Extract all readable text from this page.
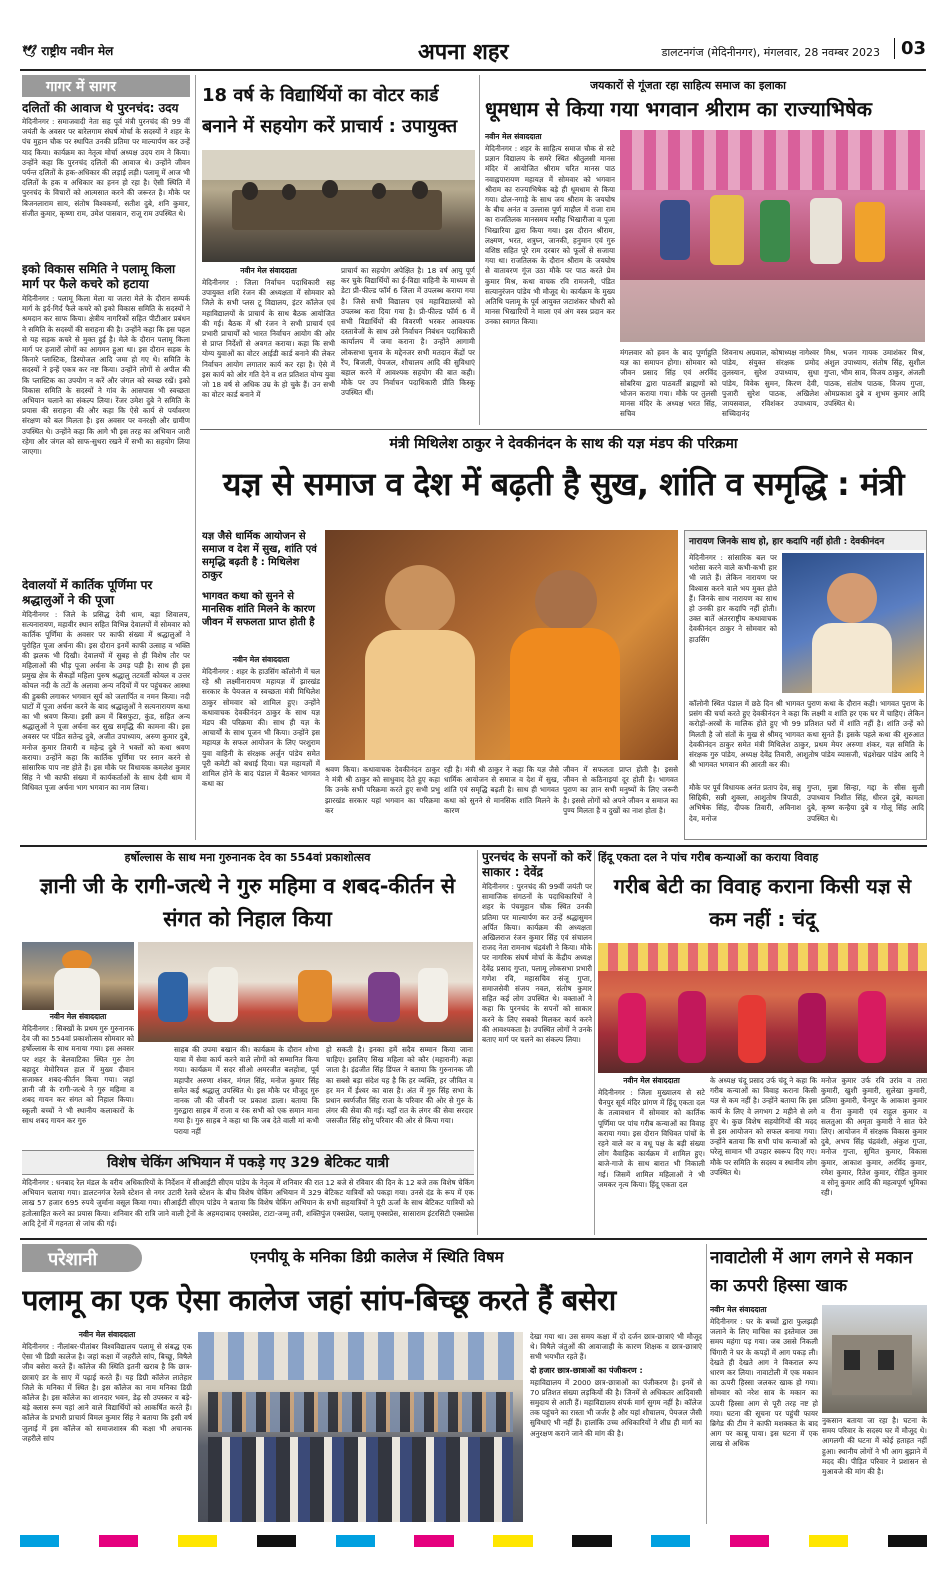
🕊 राष्ट्रीय नवीन मेल	अपना शहर	डालटनगंज (मेदिनीनगर), मंगलवार, 28 नवम्बर 2023	03
गागर में सागर
दलितों की आवाज थे पुरनचंद: उदय
मेदिनीनगर : समाजवादी नेता सह पूर्व मंत्री पुरनचंद की 99 वीं जयंती के अवसर पर बारेलगाम संघर्ष मोर्चा के सदस्यों ने शहर के पंच मुहान चौक पर स्थापित उनकी प्रतिमा पर माल्यार्पण कर उन्हें याद किया। कार्यक्रम का नेतृत्व मोर्चा अध्यक्ष उदय राम ने किया। उन्होंने कहा कि पुरनचंद दलितों की आवाज थे। उन्होंने जीवन पर्यन्त दलितों के हक-अधिकार की लड़ाई लड़ी। पलामू में आज भी दलितों के हक व अधिकार का हनन हो रहा है। ऐसी स्थिति में पुरनचंद के विचारों को आत्मसात करने की जरूरत है। मौके पर बिजनलाराम साय, संतोष विश्वकर्मा, सतीश दुबे, शनि कुमार, संजीत कुमार, कृष्णा राम, उमेश पासवान, राजू राम उपस्थित थे।
इको विकास समिति ने पलामू किला मार्ग पर फैले कचरे को हटाया
मेदिनीनगर : पलामू किला मेला या जतरा मेले के दौरान सम्पर्क मार्ग के इर्द-गिर्द फैले कचरे को इको विकास समिति के सदस्यों ने श्रमदान कर साफ किया। क्षेत्रीय नागरिकों सहित पीटीआर प्रबंधन ने समिति के सदस्यों की सराहना की है। उन्होंने कहा कि इस पहल से यह सड़क कचरे से मुक्त हुई है। मेले के दौरान पलामू किला मार्ग पर हजारों लोगों का आगमन हुआ था। इस दौरान सड़क के किनारे प्लास्टिक, डिस्पोजल आदि जमा हो गए थे। समिति के सदस्यों ने इन्हें एकत्र कर नष्ट किया। उन्होंने लोगों से अपील की कि प्लास्टिक का उपयोग न करें और जंगल को स्वच्छ रखें। इको विकास समिति के सदस्यों ने गांव के आसपास भी स्वच्छता अभियान चलाने का संकल्प लिया। रेंजर उमेश दुबे ने समिति के प्रयास की सराहना की और कहा कि ऐसे कार्य से पर्यावरण संरक्षण को बल मिलता है। इस अवसर पर वनरक्षी और ग्रामीण उपस्थित थे। उन्होंने कहा कि आगे भी इस तरह का अभियान जारी रहेगा और जंगल को साफ-सुथरा रखने में सभी का सहयोग लिया जाएगा।
देवालयों में कार्तिक पूर्णिमा पर श्रद्धालुओं ने की पूजा
मेदिनीनगर : जिले के प्रसिद्ध देवी धाम, बड़ा शिवालय, सत्यनारायण, महावीर स्थान सहित विभिन्न देवालयों में सोमवार को कार्तिक पूर्णिमा के अवसर पर काफी संख्या में श्रद्धालुओं ने पुरोहित पूजा अर्चना की। इस दौरान इनमें काफी उत्साह व भक्ति की झलक भी दिखी। देवालयों में सुबह से ही विशेष तौर पर महिलाओं की भीड़ पूजा अर्चना के उमड़ पड़ी है। साथ ही इस प्रमुख क्षेत्र के सैकड़ों महिला पुरुष श्रद्धालु तटवर्ती कोयल व उत्तर कोयल नदी के तटों के अलावा अन्य नदियों में पर पहुंचकर आस्था की डुबकी लगाकर भगवान सूर्य को जलार्पित व नमन किया। नदी घाटों में पूजा अर्चना करने के बाद श्रद्धालुओं ने सत्यनारायण कथा का भी श्रवण किया। इसी क्रम में बिसफुटा, कुंड, सहित अन्य श्रद्धालुओं ने पूजा अर्चना कर सुख समृद्धि की कामना की। इस अवसर पर पंडित सतेन्द्र दुबे, अजीत उपाध्याय, अरुण कुमार दुबे, मनोज कुमार तिवारी व महेन्द्र दुबे ने भक्तों को कथा श्रवण कराया। उन्होंने कहा कि कार्तिक पूर्णिमा पर स्नान करने से सांसारिक पाप नष्ट होते हैं। इस मौके पर विधायक कमलेश कुमार सिंह ने भी काफी संख्या में कार्यकर्ताओं के साथ देवी धाम में विधिवत पूजा अर्चना भाग भगवान का नाम लिया।
18 वर्ष के विद्यार्थियों का वोटर कार्ड बनाने में सहयोग करें प्राचार्य : उपायुक्त
नवीन मेल संवाददाता
मेदिनीनगर : जिला निर्वाचन पदाधिकारी सह उपायुक्त शशि रंजन की अध्यक्षता में सोमवार को जिले के सभी प्लस टू विद्यालय, इंटर कॉलेज एवं महाविद्यालयों के प्राचार्य के साथ बैठक आयोजित की गई। बैठक में श्री रंजन ने सभी प्राचार्य एवं प्रभारी प्राचार्यों को भारत निर्वाचन आयोग की ओर से प्राप्त निर्देशों से अवगत कराया। कहा कि सभी योग्य युवाओं का वोटर आईडी कार्ड बनाने की लेकर निर्वाचन आयोग लगातार कार्य कर रहा है। ऐसे में इस कार्य को ओर गति देने व शत प्रतिशत योग्य युवा जो 18 वर्ष से अधिक उम्र के हो चुके हैं। उन सभी का वोटर कार्ड बनाने में
प्राचार्य का सहयोग अपेक्षित है। 18 वर्ष आयु पूर्ण कर चुके विद्यार्थियों का ई-विद्या वाहिनी के माध्यम से डेटा प्री-फील्ड फॉर्म 6 जिला में उपलब्ध कराया गया है। जिसे सभी विद्यालय एवं महाविद्यालयों को उपलब्ध करा दिया गया है। प्री-फील्ड फॉर्म 6 में सभी विद्यार्थियों की विवरणी भरकर आवश्यक दस्तावेजों के साथ उसे निर्वाचन निबंधन पदाधिकारी कार्यालय में जमा कराना है। उन्होंने आगामी लोकसभा चुनाव के मद्देनजर सभी मतदान केंद्रों पर रैंप, बिजली, पेयजल, शौचालय आदि की सुविधाएं बहाल करने में आवश्यक सहयोग की बात कही। मौके पर उप निर्वाचन पदाधिकारी प्रीति किस्कू उपस्थित थीं।
जयकारों से गूंजता रहा साहित्य समाज का इलाका
धूमधाम से किया गया भगवान श्रीराम का राज्याभिषेक
नवीन मेल संवाददाता
मेदिनीनगर : शहर के साहित्य समाज चौक से सटे प्रज्ञान विद्यालय के समरे स्थित श्रीतुलसी मानस मंदिर में आयोजित श्रीराम चरित मानस पाठ नवाह्नपारायण महायज्ञ में सोमवार को भगवान श्रीराम का राज्याभिषेक बड़े ही धूमधाम से किया गया। ढोल-नगाड़े के साथ जय श्रीराम के जयघोष के बीच अनंत व उल्लास पूर्ण माहौल में राजा राम का राजतिलक मानसमय मसीह भिखारीजा व पूजा भिखारिया द्वारा किया गया। इस दौरान श्रीराम, लक्ष्मण, भरत, शत्रुघ्न, जानकी, हनुमान एवं गुरु वशिष्ठ सहित पूरे राम दरबार को फूलों से सजाया गया था। राजतिलक के दौरान श्रीराम के जयघोष से वातावरण गूंज उठा मौके पर पाठ करते प्रेम कुमार मिश्र, कथा वाचक रवि रामजनी, पंडित सत्यानुरंजन पांडेय भी मौजूद थे। कार्यक्रम के मुख्य अतिथि पलामू के पूर्व आयुक्त जटाशंकर चौधरी को मानस भिखारियों ने माला एवं अंग वस्त्र प्रदान कर उनका स्वागत किया।
मंगलवार को हवन के बाद पूर्णाहुति यज्ञ का समापन होगा। सोमवार को जीवन प्रसाद सिंह एवं अरविंद सोबरिया द्वारा पाठवर्ती ब्राह्मणों को भोजन कराया गया। मौके पर तुलसी मानस मंदिर के अध्यक्ष भरत सिंह, सचिव
शिवनाथ अग्रवाल, कोषाध्यक्ष नागेश्वर पांडेय, संयुक्त संरक्षक प्रमोद तुलस्यान, सुरेश उपाध्याय, सुधा पांडेय, विवेक सुमन, किरण देवी, पुजारी सुरेश पाठक, अखिलेश जायसवाल, रविशंकर उपाध्याय, सच्चिदानंद
मिश्र, भजन गायक उमाशंकर मिश्र, अंशुल उपाध्याय, संतोष सिंह, सुशील गुप्ता, भीम साव, विजय ठाकुर, अंजली पाठक, संतोष पाठक, विजय गुप्ता, ओमप्रकाश दुबे व शुभम कुमार आदि उपस्थित थे।
मंत्री मिथिलेश ठाकुर ने देवकीनंदन के साथ की यज्ञ मंडप की परिक्रमा
यज्ञ से समाज व देश में बढ़ती है सुख, शांति व समृद्धि : मंत्री
यज्ञ जैसे धार्मिक आयोजन से समाज व देश में सुख, शांति एवं समृद्धि बढ़ती है : मिथिलेश ठाकुर
भागवत कथा को सुनने से मानसिक शांति मिलने के कारण जीवन में सफलता प्राप्त होती है
नवीन मेल संवाददाता
मेदिनीनगर : शहर के हाउसिंग कॉलोनी में चल रहे श्री लक्ष्मीनारायण महायज्ञ में झारखंड सरकार के पेयजल व स्वच्छता मंत्री मिथिलेश ठाकुर सोमवार को शामिल हुए। उन्होंने कथावाचक देवकीनंदन ठाकुर के साथ यज्ञ मंडप की परिक्रमा की। साथ ही यज्ञ के आचार्यों के साथ पूजन भी किया। उन्होंने इस महायज्ञ के सफल आयोजन के लिए परशुराम युवा वाहिनी के संरक्षक अर्जुन पांडेय समेत पूरी कमेटी को बधाई दिया। यज्ञ महायज्ञों में शामिल होने के बाद पंडाल में बैठकर भागवत कथा का
श्रवण किया। कथावाचक देवकीनंदन ठाकुर ने मंत्री श्री ठाकुर को साधुवाद देते हुए कहा कि उनके सभी परिक्रमा करते हुए सभी प्रभु झारखंड सरकार यहां भगवान का परिक्रमा कर
रही है। मंत्री श्री ठाकुर ने कहा कि यज्ञ जैसे धार्मिक आयोजन से समाज व देश में सुख, शांति एवं समृद्धि बढ़ती है। साथ ही भागवत कथा को सुनने से मानसिक शांति मिलने के कारण
जीवन में सफलता प्राप्त होती है। इससे जीवन से कठिनाइयां दूर होती है। भागवत पुराण का ज्ञान सभी मनुष्यों के लिए जरूरी है। इससे लोगों को अपने जीवन व समाज का पुण्य मिलता है व दुखों का नाश होता है।
नारायण जिनके साथ हो, हार कदापि नहीं होती : देवकीनंदन
मेदिनीनगर : सांसारिक बल पर भरोसा करने वाले कभी-कभी हार भी जाते हैं। लेकिन नारायण पर विश्वास करने वाले भय मुक्त होते हैं। जिनके साथ नारायण का साथ हो उनकी हार कदापि नहीं होती। उक्त बातें अंतरराष्ट्रीय कथावाचक देवकीनंदन ठाकुर ने सोमवार को हाउसिंग
कॉलोनी स्थित पंडाल में छठे दिन श्री भागवत पुराण कथा के दौरान कही। भागवत पुराण के प्रसंग की चर्चा करते हुए देवकीनंदन ने कहा कि लक्ष्मी व शांति हर एक घर में चाहिए। लेकिन करोड़ों-अरबों के मालिक होते हुए भी 99 प्रतिशत घरों में शांति नहीं है। शांति उन्हें को मिलती है जो संतों के मुख से श्रीमद् भागवत कथा सुनते हैं। इसके पहले कथा की शुरुआत देवकीनंदन ठाकुर समेत मंत्री मिथिलेश ठाकुर, प्रथम मेयर अरुणा शंकर, यज्ञ समिति के संरक्षक गुरु पांडेय, अध्यक्ष देवेंद्र तिवारी, आशुतोष पांडेय व्यासजी, चंद्रशेखर पांडेय आदि ने श्री भागवत भगवान की आरती कर की।
मौके पर पूर्व विधायक अनंत प्रताप देव, सन्नू सिद्दिकी, सन्नी शुक्ला, आशुतोष त्रिपाठी, अभिषेक सिंह, दीपक तिवारी, अविनाश देव, मनोज
गुप्ता, मुन्ना सिन्हा, गद्दा के सीस सुजी उपाध्याय निशीत सिंह, धीरज दुबे, कामता दुबे, कृष्ण कन्हैया दुबे व गोलू सिंह आदि उपस्थित थे।
हर्षोल्लास के साथ मना गुरुनानक देव का 554वां प्रकाशोत्सव
ज्ञानी जी के रागी-जत्थे ने गुरु महिमा व शबद-कीर्तन से संगत को निहाल किया
नवीन मेल संवाददाता
मेदिनीनगर : सिक्खों के प्रथम गुरु गुरुनानक देव जी का 554वां प्रकाशोत्सव सोमवार को हर्षोल्लास के साथ मनाया गया। इस अवसर पर शहर के बेलवाटिका स्थित गुरु तेग बहादुर मेमोरियल हाल में मुख्य दीवान सजाकर शबद-कीर्तन किया गया। जहां ज्ञानी जी के रागी-जत्थे ने गुरु महिमा व शबद गायन कर संगत को निहाल किया। स्कूली बच्चों ने भी स्थानीय कलाकारों के साथ शबद गायन कर गुरु
साहब की उपमा बखान की। कार्यक्रम के दौरान शोभा यात्रा में सेवा कार्य करने वाले लोगों को सम्मानित किया गया। कार्यक्रम में सदर सीओ अमरजीत बलहोत्रा, पूर्व महापौर अरुणा शंकर, मंगल सिंह, मनोज कुमार सिंह समेत कई श्रद्धालु उपस्थित थे। इस मौके पर मौजूद गुरु नानक जी की जीवनी पर प्रकाश डाला। बताया कि गुरुद्वारा साहब में राजा व रंक सभी को एक समान माना गया है। गुरु साहब ने कहा था कि जब देते वाली मां कभी पराया नहीं
हो सकती है। इनका हमें सदैव सम्मान किया जाना चाहिए। इसलिए सिख महिला को कौर (महारानी) कहा जाता है। इंद्रजीत सिंह डिंपल ने बताया कि गुरुनानक जी का सबसे बड़ा संदेश यह है कि हर व्यक्ति, हर जीवित व हर मन में ईश्वर का वास है। अंत में गुरु सिंह सभा के प्रधान स्वर्णजीत सिंह राजा के परिवार की ओर से गुरु के लंगर की सेवा की गई। यहाँ रात के लंगर की सेवा सरदार जसजीत सिंह सोनू परिवार की ओर से किया गया।
विशेष चेकिंग अभियान में पकड़े गए 329 बेटिकट यात्री
मेदिनीनगर : धनबाद रेल मंडल के वरीय अधिकारियों के निर्देशन में सीआईटी सीएम पांडेय के नेतृत्व में शनिवार की रात 12 बजे से रविवार की दिन के 12 बजे तक विशेष चेकिंग अभियान चलाया गया। डालटनगंज रेलवे स्टेशन से नगर उटारी रेलवे स्टेशन के बीच विशेष चेकिंग अभियान में 329 बेटिकट यात्रियों को पकड़ा गया। उनसे दंड के रूप में एक लाख 57 हजार 695 रुपये जुर्माना वसूल किया गया। सीआईटी सीएम पांडेय ने बताया कि विशेष चेकिंग अभियान के सभी सहयात्रियों ने पूरी ऊर्जा के साथ बेटिकट यात्रियों को हतोत्साहित करने का प्रयास किया। शनिवार की रात्रि जाने वाली ट्रेनों के अहमदाबाद एक्सप्रेस, टाटा-जम्मू तवी, शक्तिपुंज एक्सप्रेस, पलामू एक्सप्रेस, सासाराम इंटरसिटी एक्सप्रेस आदि ट्रेनों में गहनता से जांच की गई।
पुरनचंद के सपनों को करें साकार : देवेंद्र
मेदिनीनगर : पुरनचंद की 99वीं जयंती पर सामाजिक संगठनों के पदाधिकारियों ने शहर के पंचमुहान चौक स्थित उनकी प्रतिमा पर माल्यार्पण कर उन्हें श्रद्धासुमन अर्पित किया। कार्यक्रम की अध्यक्षता अखिलराज रंजन कुमार सिंह एवं संचालन राजद नेता रामनाथ चंद्रवंशी ने किया। मौके पर नागरिक संघर्ष मोर्चा के केंद्रीय अध्यक्ष देवेंद्र प्रसाद गुप्ता, पलामू लोकसभा प्रभारी गणेश रवि, महासचिव संजू गुप्ता, समाजसेवी संजय नवल, संतोष कुमार सहित कई लोग उपस्थित थे। वक्ताओं ने कहा कि पुरनचंद के सपनों को साकार करने के लिए सबको मिलकर कार्य करने की आवश्यकता है। उपस्थित लोगों ने उनके बताए मार्ग पर चलने का संकल्प लिया।
हिंदू एकता दल ने पांच गरीब कन्याओं का कराया विवाह
गरीब बेटी का विवाह कराना किसी यज्ञ से कम नहीं : चंदू
नवीन मेल संवाददाता
मेदिनीनगर : जिला मुख्यालय से सटे चैनपुर सूर्य मंदिर प्रांगण में हिंदू एकता दल के तत्वावधान में सोमवार को कार्तिक पूर्णिमा पर पांच गरीब कन्याओं का विवाह कराया गया। इस दौरान विधिवत पांचों के रहने वाले वर व वधू पक्ष के बड़ी संख्या लोग वैवाहिक कार्यक्रम में शामिल हुए। बाजे-गाजे के साथ बारात भी निकाली गई। जिसमें शामिल महिलाओं ने भी जमकर नृत्य किया। हिंदू एकता दल
के अध्यक्ष चंदू प्रसाद उर्फ चंदू ने कहा कि गरीब कन्याओं का विवाह कराना किसी यज्ञ से कम नहीं है। उन्होंने बताया कि इस कार्य के लिए वे लगभग 2 महीने से लगे हुए थे। कुछ विशेष सहयोगियों की मदद से इस आयोजन को सफल बनाया गया। उन्होंने बताया कि सभी पांच कन्याओं को घरेलू सामान भी उपहार स्वरूप दिए गए। मौके पर समिति के सदस्य व स्थानीय लोग उपस्थित थे।
मनोज कुमार उर्फ रवि उरांव व तारा कुमारी, खुशी कुमारी, सुलेखा कुमारी, प्रतिमा कुमारी, चैनपुर के आकाश कुमार व रीना कुमारी एवं राहुल कुमार व सलतुआ की अमृता कुमारी ने सात फेरे लिए। आयोजन में संरक्षक विकास कुमार दुबे, अभय सिंह चंद्रवंशी, अंकुश गुप्ता, मनोज गुप्ता, सुमित कुमार, विकास कुमार, आकाश कुमार, अरविंद कुमार, रमेश कुमार, रितेश कुमार, रोहित कुमार व सोनू कुमार आदि की महत्वपूर्ण भूमिका रही।
परेशानी	एनपीयू के मनिका डिग्री कालेज में स्थिति विषम
पलामू का एक ऐसा कालेज जहां सांप-बिच्छू करते हैं बसेरा
नवीन मेल संवाददाता
मेदिनीनगर : नीलांबर-पीतांबर विश्वविद्यालय पलामू से संबद्ध एक ऐसा भी डिग्री कालेज है। जहां कक्षा में जहरीले सांप, बिच्छू, विषैले जीव बसेरा करते हैं। कॉलेज की स्थिति इतनी खराब है कि छात्र-छात्राएं डर के साए में पढ़ाई करते हैं। यह डिग्री कॉलेज लातेहार जिले के मनिका में स्थित है। इस कॉलेज का नाम मनिका डिग्री कॉलेज है। इस कॉलेज का शानदार भवन, डेढ़ सौ उपस्कर व बड़े-बड़े क्लास रूम यहां आने वाले विद्यार्थियों को आकर्षित करते हैं। कॉलेज के प्रभारी प्राचार्य विमल कुमार सिंह ने बताया कि इसी वर्ष जुलाई में इस कॉलेज को समाजशास्त्र की कक्षा भी अचानक जहरीले सांप
देखा गया था। उस समय कक्षा में दो दर्जन छात्र-छात्राएं भी मौजूद थे। विषैले जंतुओं की आवाजाही के कारण शिक्षक व छात्र-छात्राएं सभी भयभीत रहते हैं।
दो हजार छात्र-छात्राओं का पंजीकरण :
महाविद्यालय में 2000 छात्र-छात्राओं का पंजीकरण है। इनमें से 70 प्रतिशत संख्या लड़कियों की है। जिनमें से अधिकतर आदिवासी समुदाय से आती हैं। महाविद्यालय संपर्क मार्ग सुगम नहीं है। कॉलेज तक पहुंचने का रास्ता भी जर्जर है और यहां शौचालय, पेयजल जैसी सुविधाएं भी नहीं हैं। हालांकि उच्च अधिकारियों ने शीघ्र ही मार्ग का अनुरक्षण कराने जाने की मांग की है।
नावाटोली में आग लगने से मकान का ऊपरी हिस्सा खाक
नवीन मेल संवाददाता
मेदिनीनगर : घर के बच्चों द्वारा फुलझड़ी जलाने के लिए माचिस का इस्तेमाल उस समय महंगा पड़ गया। जब उससे निकली चिंगारी ने घर के कपड़ों में आग पकड़ ली। देखते ही देखते आग ने विकराल रूप धारण कर लिया। नावाटोली में एक मकान का ऊपरी हिस्सा जलकर खाक हो गया। सोमवार को नरेश साव के मकान का ऊपरी हिस्सा आग से पूरी तरह नष्ट हो गया। घटना की सूचना पर पहुंची फायर ब्रिगेड की टीम ने काफी मशक्कत के बाद आग पर काबू पाया। इस घटना में एक लाख से अधिक
नुकसान बताया जा रहा है। घटना के समय परिवार के सदस्य घर में मौजूद थे। आगलगी की घटना में कोई हताहत नहीं हुआ। स्थानीय लोगों ने भी आग बुझाने में मदद की। पीड़ित परिवार ने प्रशासन से मुआवजे की मांग की है।
